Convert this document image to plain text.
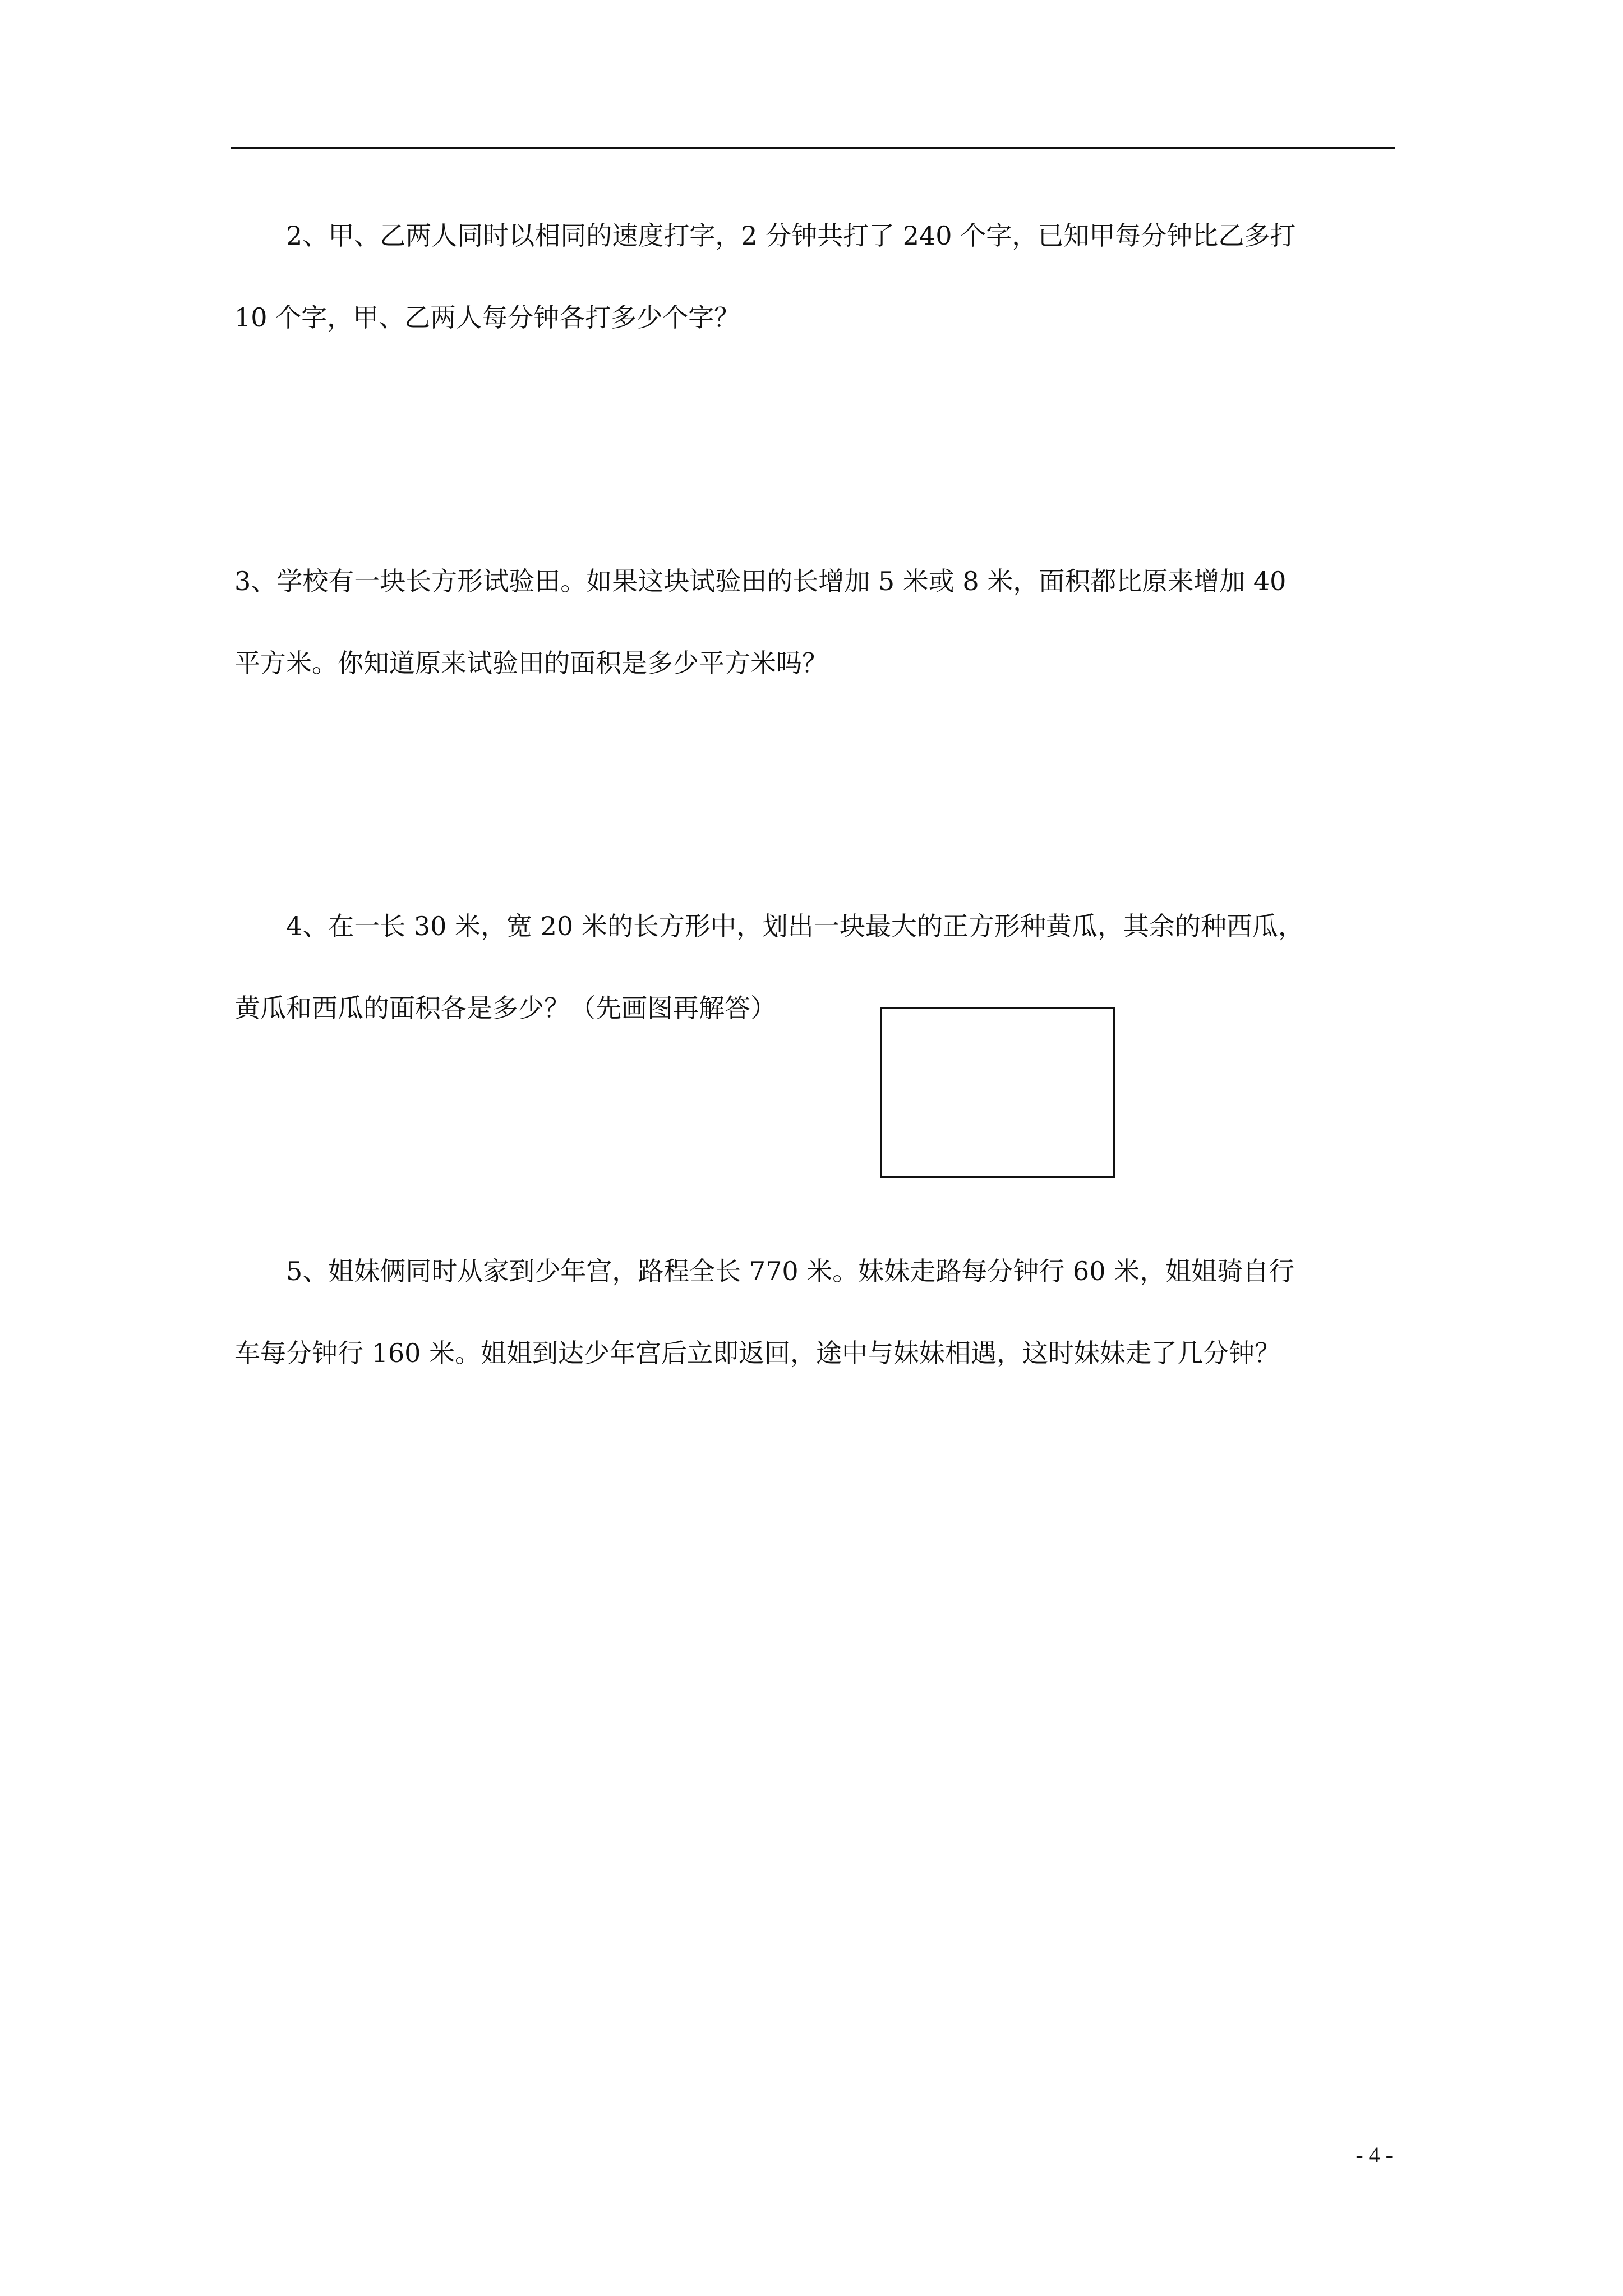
2、甲、乙两人同时以相同的速度打字，2 分钟共打了 240 个字，已知甲每分钟比乙多打
10 个字，甲、乙两人每分钟各打多少个字？
3、学校有一块长方形试验田。如果这块试验田的长增加 5 米或 8 米，面积都比原来增加 40
平方米。你知道原来试验田的面积是多少平方米吗？
4、在一长 30 米，宽 20 米的长方形中，划出一块最大的正方形种黄瓜，其余的种西瓜，
黄瓜和西瓜的面积各是多少？（先画图再解答）
5、姐妹俩同时从家到少年宫，路程全长 770 米。妹妹走路每分钟行 60 米，姐姐骑自行
车每分钟行 160 米。姐姐到达少年宫后立即返回，途中与妹妹相遇，这时妹妹走了几分钟？
- 4 -
